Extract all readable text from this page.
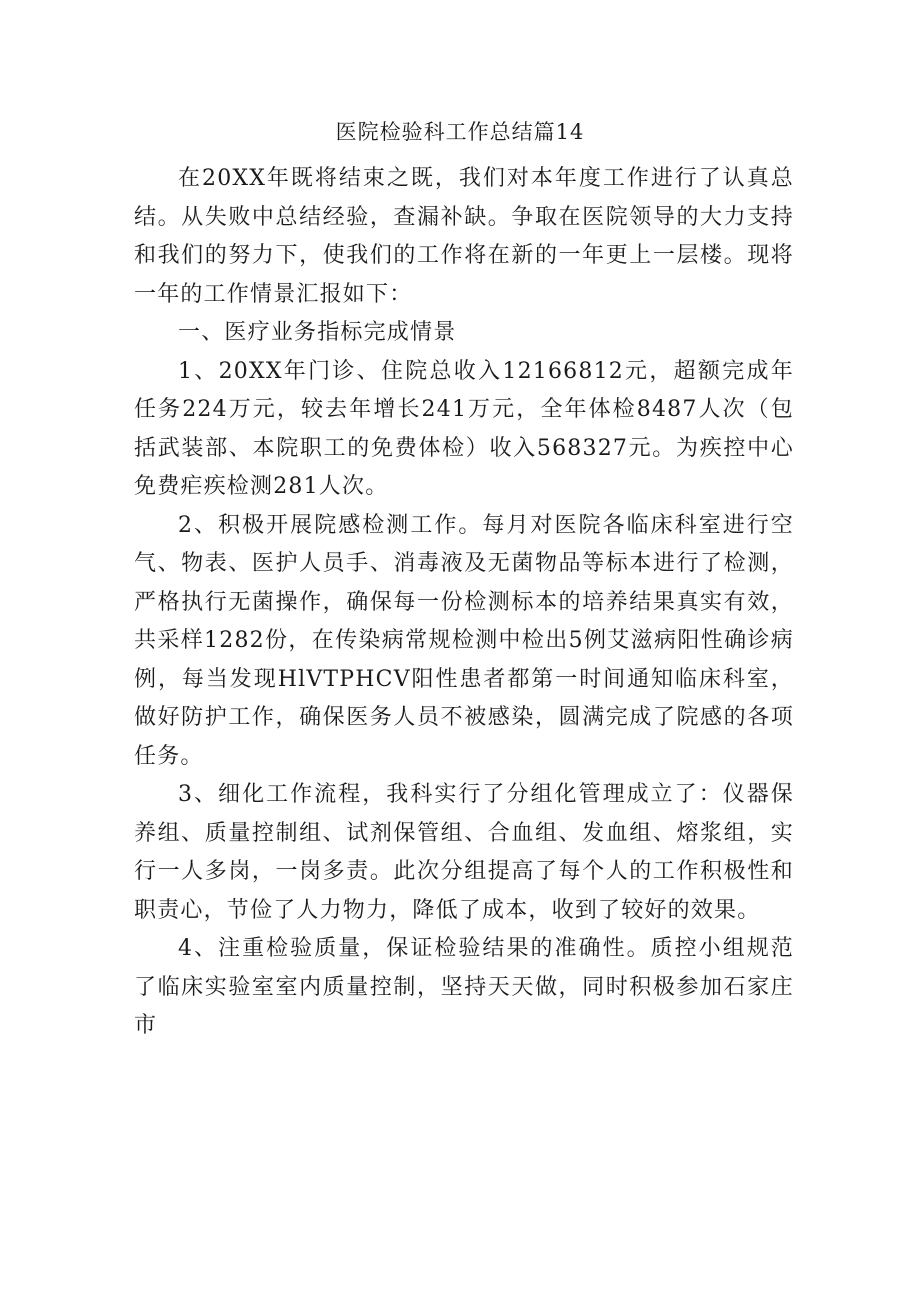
医院检验科工作总结篇14

在20XX年既将结束之既，我们对本年度工作进行了认真总结。从失败中总结经验，查漏补缺。争取在医院领导的大力支持和我们的努力下，使我们的工作将在新的一年更上一层楼。现将一年的工作情景汇报如下：

一、医疗业务指标完成情景

1、20XX年门诊、住院总收入12166812元，超额完成年任务224万元，较去年增长241万元，全年体检8487人次（包括武装部、本院职工的免费体检）收入568327元。为疾控中心免费疟疾检测281人次。

2、积极开展院感检测工作。每月对医院各临床科室进行空气、物表、医护人员手、消毒液及无菌物品等标本进行了检测，严格执行无菌操作，确保每一份检测标本的培养结果真实有效，共采样1282份，在传染病常规检测中检出5例艾滋病阳性确诊病例，每当发现HlVTPHCV阳性患者都第一时间通知临床科室，做好防护工作，确保医务人员不被感染，圆满完成了院感的各项任务。

3、细化工作流程，我科实行了分组化管理成立了：仪器保养组、质量控制组、试剂保管组、合血组、发血组、熔浆组，实行一人多岗，一岗多责。此次分组提高了每个人的工作积极性和职责心，节俭了人力物力，降低了成本，收到了较好的效果。

4、注重检验质量，保证检验结果的准确性。质控小组规范了临床实验室室内质量控制，坚持天天做，同时积极参加石家庄市
